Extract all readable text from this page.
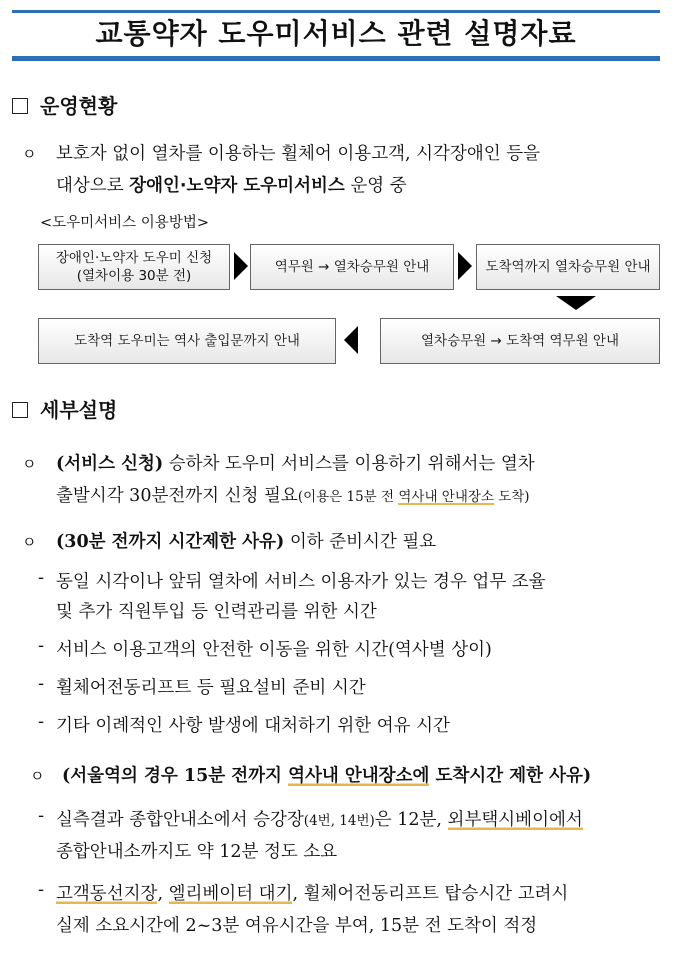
교통약자 도우미서비스 관련 설명자료
운영현황
ㅇ 보호자 없이 열차를 이용하는 휠체어 이용고객, 시각장애인 등을
대상으로 장애인·노약자 도우미서비스 운영 중
<도우미서비스 이용방법>
장애인·노약자 도우미 신청
(열차이용 30분 전)
역무원 → 열차승무원 안내	도착역까지 열차승무원 안내
도착역 도우미는 역사 출입문까지 안내	열차승무원 → 도착역 역무원 안내
세부설명
ㅇ (서비스 신청) 승하차 도우미 서비스를 이용하기 위해서는 열차
출발시각 30분전까지 신청 필요(이용은 15분 전 역사내 안내장소 도착)
ㅇ (30분 전까지 시간제한 사유) 이하 준비시간 필요
- 동일 시각이나 앞뒤 열차에 서비스 이용자가 있는 경우 업무 조율
및 추가 직원투입 등 인력관리를 위한 시간
- 서비스 이용고객의 안전한 이동을 위한 시간(역사별 상이)
- 휠체어전동리프트 등 필요설비 준비 시간
- 기타 이례적인 사항 발생에 대처하기 위한 여유 시간
ㅇ (서울역의 경우 15분 전까지 역사내 안내장소에 도착시간 제한 사유)
- 실측결과 종합안내소에서 승강장(4번, 14번)은 12분, 외부택시베이에서
종합안내소까지도 약 12분 정도 소요
- 고객동선지장, 엘리베이터 대기, 휠체어전동리프트 탑승시간 고려시
실제 소요시간에 2~3분 여유시간을 부여, 15분 전 도착이 적정
